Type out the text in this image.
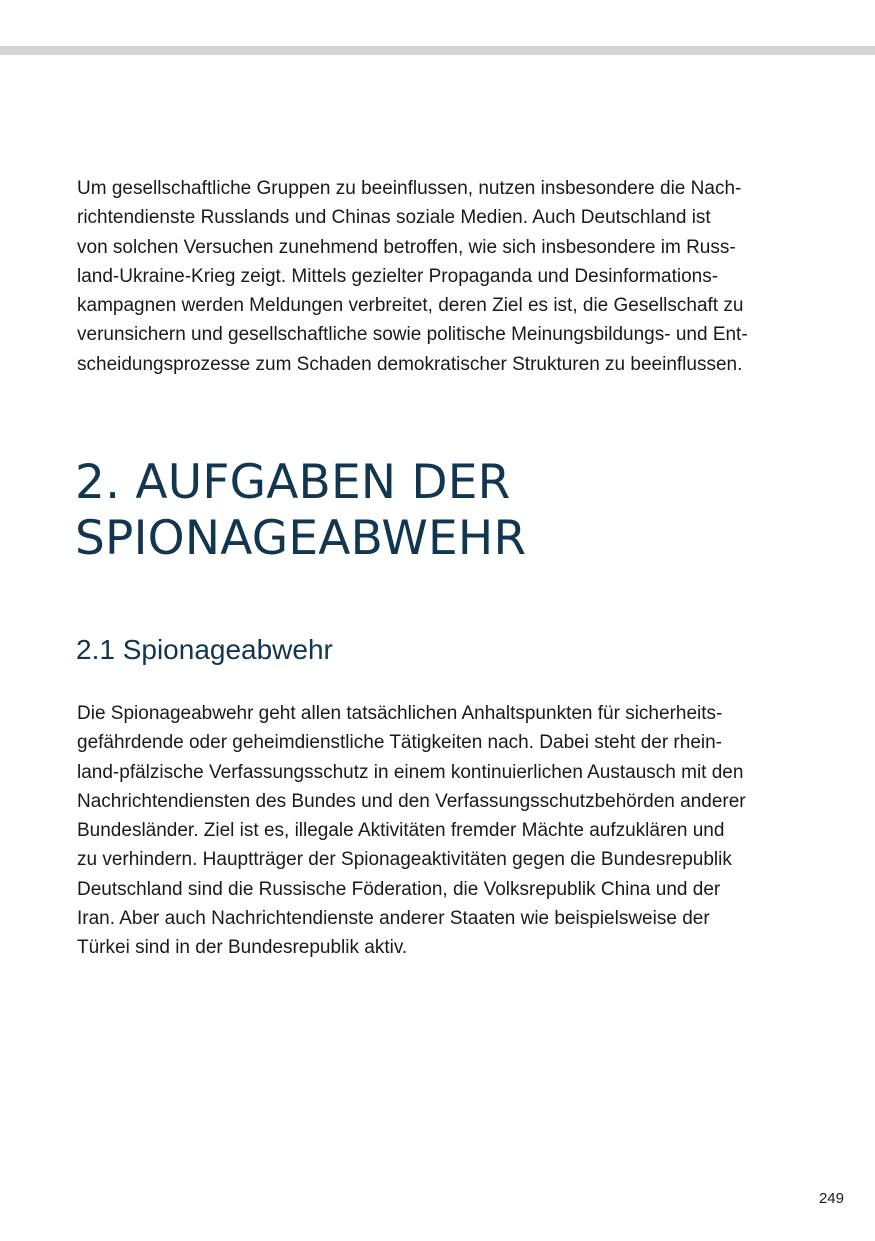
Um gesellschaftliche Gruppen zu beeinflussen, nutzen insbesondere die Nach-
richtendienste Russlands und Chinas soziale Medien. Auch Deutschland ist
von solchen Versuchen zunehmend betroffen, wie sich insbesondere im Russ-
land-Ukraine-Krieg zeigt. Mittels gezielter Propaganda und Desinformations-
kampagnen werden Meldungen verbreitet, deren Ziel es ist, die Gesellschaft zu
verunsichern und gesellschaftliche sowie politische Meinungsbildungs- und Ent-
scheidungsprozesse zum Schaden demokratischer Strukturen zu beeinflussen.

2. AUFGABEN DER
SPIONAGEABWEHR
2.1 Spionageabwehr

Die Spionageabwehr geht allen tatsächlichen Anhaltspunkten für sicherheits-
gefährdende oder geheimdienstliche Tätigkeiten nach. Dabei steht der rhein-
land-pfälzische Verfassungsschutz in einem kontinuierlichen Austausch mit den
Nachrichtendiensten des Bundes und den Verfassungsschutzbehörden anderer
Bundesländer. Ziel ist es, illegale Aktivitäten fremder Mächte aufzuklären und
zu verhindern. Hauptträger der Spionageaktivitäten gegen die Bundesrepublik
Deutschland sind die Russische Föderation, die Volksrepublik China und der
Iran. Aber auch Nachrichtendienste anderer Staaten wie beispielsweise der
Türkei sind in der Bundesrepublik aktiv.

249
